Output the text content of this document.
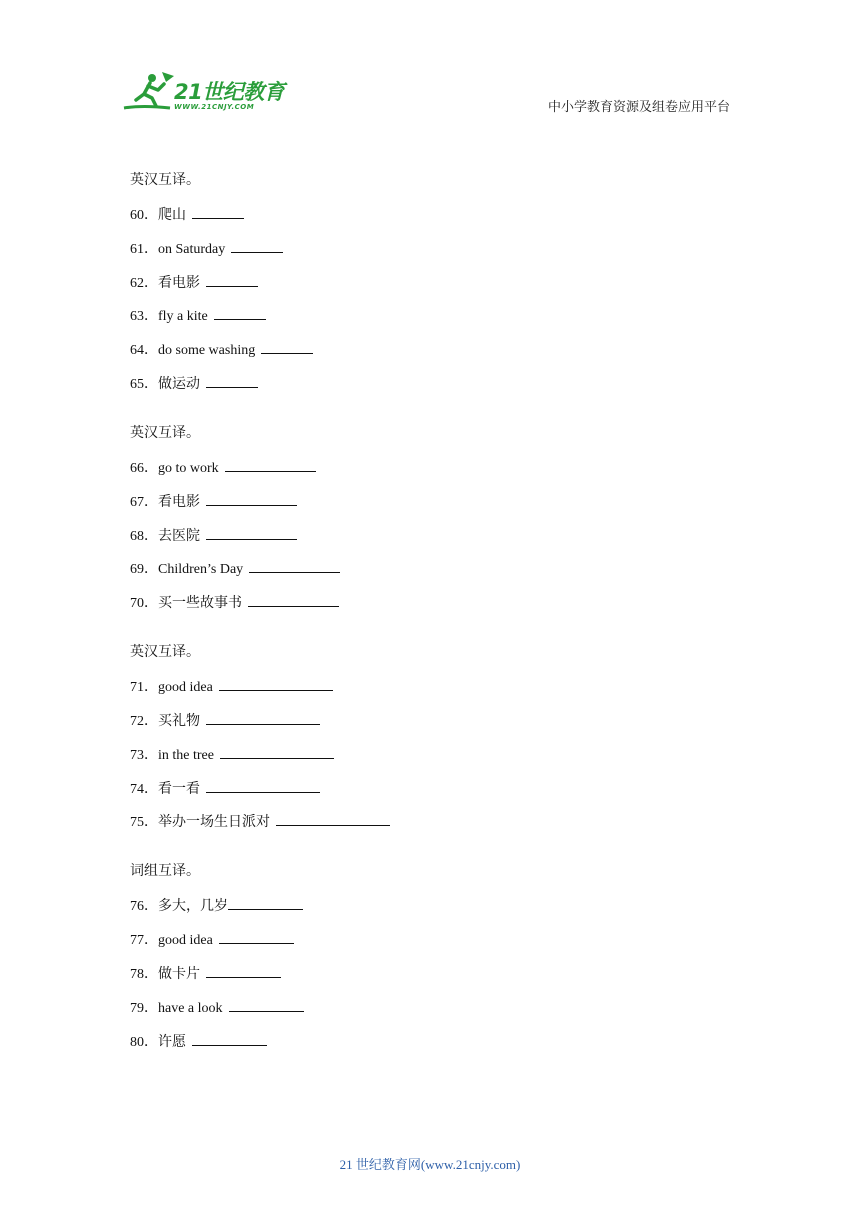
21世纪教育
WWW.21CNJY.COM	中小学教育资源及组卷应用平台
英汉互译。
60．爬山
61．on Saturday
62．看电影
63．fly a kite
64．do some washing
65．做运动
英汉互译。
66．go to work
67．看电影
68．去医院
69．Children’s Day
70．买一些故事书
英汉互译。
71．good idea
72．买礼物
73．in the tree
74．看一看
75．举办一场生日派对
词组互译。
76．多大，几岁
77．good idea
78．做卡片
79．have a look
80．许愿
21 世纪教育网(www.21cnjy.com)
